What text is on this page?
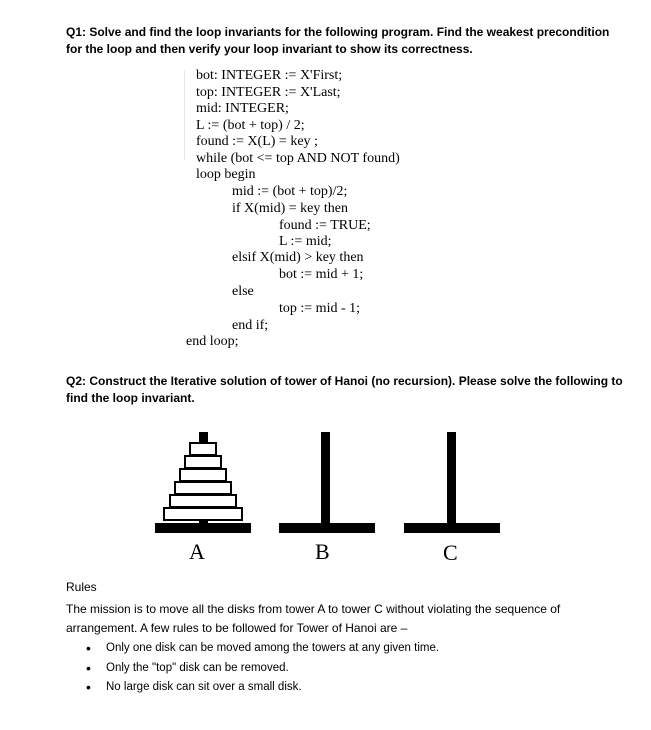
Q1: Solve and find the loop invariants for the following program. Find the weakest precondition for the loop and then verify your loop invariant to show its correctness.
bot: INTEGER := X'First;
top: INTEGER := X'Last;
mid: INTEGER;
L := (bot + top) / 2;
found := X(L) = key ;
while (bot <= top AND NOT found)
loop begin
mid := (bot + top)/2;
if X(mid) = key then
found := TRUE;
L := mid;
elsif X(mid) > key then
bot := mid + 1;
else
top := mid - 1;
end if;
end loop;
Q2: Construct the Iterative solution of tower of Hanoi (no recursion). Please solve the following to find the loop invariant.
A	B	C
Rules
The mission is to move all the disks from tower A to tower C without violating the sequence of arrangement. A few rules to be followed for Tower of Hanoi are –
• Only one disk can be moved among the towers at any given time.
• Only the "top" disk can be removed.
• No large disk can sit over a small disk.
